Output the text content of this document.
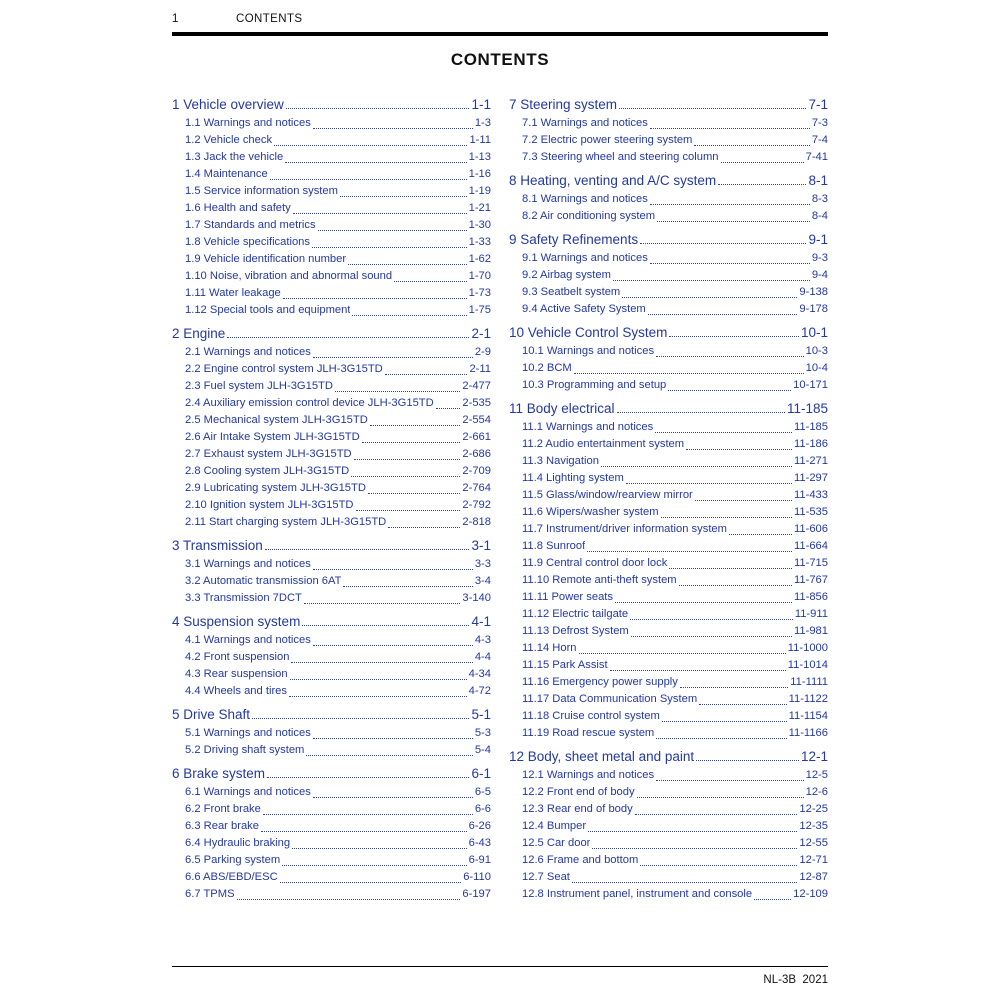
1	CONTENTS
CONTENTS
1 Vehicle overview	1-1
1.1 Warnings and notices	1-3
1.2 Vehicle check	1-11
1.3 Jack the vehicle	1-13
1.4 Maintenance	1-16
1.5 Service information system	1-19
1.6 Health and safety	1-21
1.7 Standards and metrics	1-30
1.8 Vehicle specifications	1-33
1.9 Vehicle identification number	1-62
1.10 Noise, vibration and abnormal sound	1-70
1.11 Water leakage	1-73
1.12 Special tools and equipment	1-75
2 Engine	2-1
2.1 Warnings and notices	2-9
2.2 Engine control system JLH-3G15TD	2-11
2.3 Fuel system JLH-3G15TD	2-477
2.4 Auxiliary emission control device JLH-3G15TD	2-535
2.5 Mechanical system JLH-3G15TD	2-554
2.6 Air Intake System JLH-3G15TD	2-661
2.7 Exhaust system JLH-3G15TD	2-686
2.8 Cooling system JLH-3G15TD	2-709
2.9 Lubricating system JLH-3G15TD	2-764
2.10 Ignition system JLH-3G15TD	2-792
2.11 Start charging system JLH-3G15TD	2-818
3 Transmission	3-1
3.1 Warnings and notices	3-3
3.2 Automatic transmission 6AT	3-4
3.3 Transmission 7DCT	3-140
4 Suspension system	4-1
4.1 Warnings and notices	4-3
4.2 Front suspension	4-4
4.3 Rear suspension	4-34
4.4 Wheels and tires	4-72
5 Drive Shaft	5-1
5.1 Warnings and notices	5-3
5.2 Driving shaft system	5-4
6 Brake system	6-1
6.1 Warnings and notices	6-5
6.2 Front brake	6-6
6.3 Rear brake	6-26
6.4 Hydraulic braking	6-43
6.5 Parking system	6-91
6.6 ABS/EBD/ESC	6-110
6.7 TPMS	6-197
7 Steering system	7-1
7.1 Warnings and notices	7-3
7.2 Electric power steering system	7-4
7.3 Steering wheel and steering column	7-41
8 Heating, venting and A/C system	8-1
8.1 Warnings and notices	8-3
8.2 Air conditioning system	8-4
9 Safety Refinements	9-1
9.1 Warnings and notices	9-3
9.2 Airbag system	9-4
9.3 Seatbelt system	9-138
9.4 Active Safety System	9-178
10 Vehicle Control System	10-1
10.1 Warnings and notices	10-3
10.2 BCM	10-4
10.3 Programming and setup	10-171
11 Body electrical	11-185
11.1 Warnings and notices	11-185
11.2 Audio entertainment system	11-186
11.3 Navigation	11-271
11.4 Lighting system	11-297
11.5 Glass/window/rearview mirror	11-433
11.6 Wipers/washer system	11-535
11.7 Instrument/driver information system	11-606
11.8 Sunroof	11-664
11.9 Central control door lock	11-715
11.10 Remote anti-theft system	11-767
11.11 Power seats	11-856
11.12 Electric tailgate	11-911
11.13 Defrost System	11-981
11.14 Horn	11-1000
11.15 Park Assist	11-1014
11.16 Emergency power supply	11-1111
11.17 Data Communication System	11-1122
11.18 Cruise control system	11-1154
11.19 Road rescue system	11-1166
12 Body, sheet metal and paint	12-1
12.1 Warnings and notices	12-5
12.2 Front end of body	12-6
12.3 Rear end of body	12-25
12.4 Bumper	12-35
12.5 Car door	12-55
12.6 Frame and bottom	12-71
12.7 Seat	12-87
12.8 Instrument panel, instrument and console	12-109
NL-3B  2021
